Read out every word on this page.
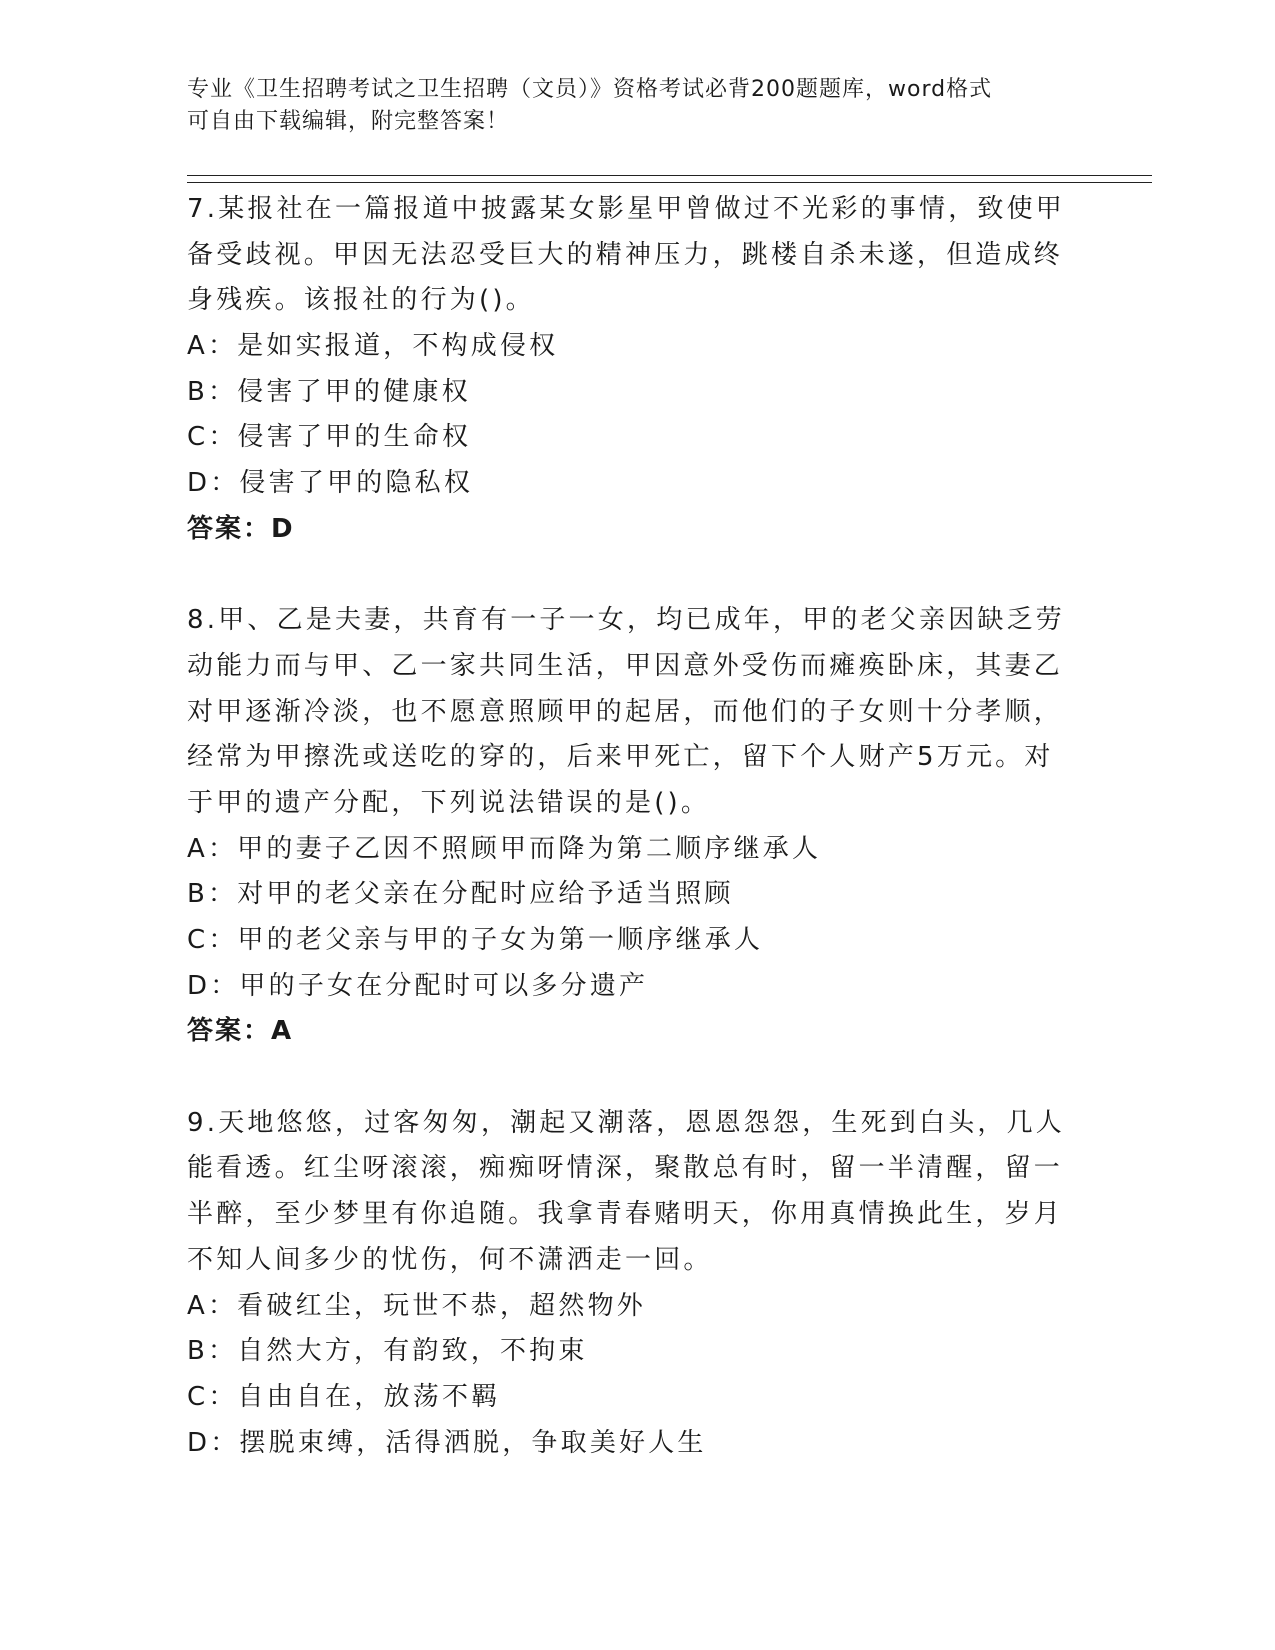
专业《卫生招聘考试之卫生招聘（文员）》资格考试必背200题题库，word格式
可自由下载编辑，附完整答案！
7.某报社在一篇报道中披露某女影星甲曾做过不光彩的事情，致使甲
备受歧视。甲因无法忍受巨大的精神压力，跳楼自杀未遂，但造成终
身残疾。该报社的行为()。
A：是如实报道，不构成侵权
B：侵害了甲的健康权
C：侵害了甲的生命权
D：侵害了甲的隐私权
答案：D
8.甲、乙是夫妻，共育有一子一女，均已成年，甲的老父亲因缺乏劳
动能力而与甲、乙一家共同生活，甲因意外受伤而瘫痪卧床，其妻乙
对甲逐渐冷淡，也不愿意照顾甲的起居，而他们的子女则十分孝顺，
经常为甲擦洗或送吃的穿的，后来甲死亡，留下个人财产5万元。对
于甲的遗产分配，下列说法错误的是()。
A：甲的妻子乙因不照顾甲而降为第二顺序继承人
B：对甲的老父亲在分配时应给予适当照顾
C：甲的老父亲与甲的子女为第一顺序继承人
D：甲的子女在分配时可以多分遗产
答案：A
9.天地悠悠，过客匆匆，潮起又潮落，恩恩怨怨，生死到白头，几人
能看透。红尘呀滚滚，痴痴呀情深，聚散总有时，留一半清醒，留一
半醉，至少梦里有你追随。我拿青春赌明天，你用真情换此生，岁月
不知人间多少的忧伤，何不潇洒走一回。
A：看破红尘，玩世不恭，超然物外
B：自然大方，有韵致，不拘束
C：自由自在，放荡不羁
D：摆脱束缚，活得洒脱，争取美好人生
